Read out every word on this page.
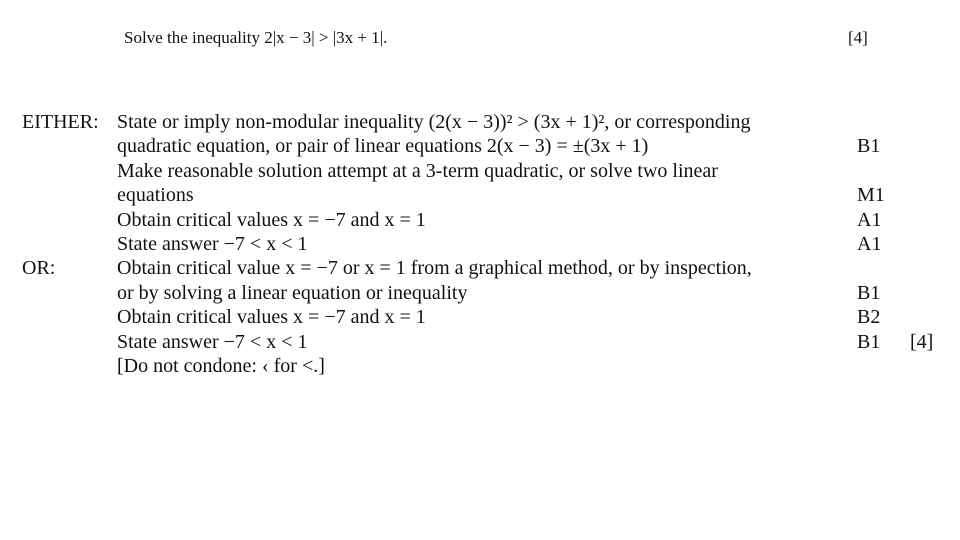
Solve the inequality 2|x − 3| > |3x + 1|.	[4]
EITHER: State or imply non-modular inequality (2(x − 3))² > (3x + 1)², or corresponding
quadratic equation, or pair of linear equations 2(x − 3) = ±(3x + 1)	B1
Make reasonable solution attempt at a 3-term quadratic, or solve two linear
equations	M1
Obtain critical values x = −7 and x = 1	A1
State answer −7 < x < 1	A1
OR:	Obtain critical value x = −7 or x = 1 from a graphical method, or by inspection,
or by solving a linear equation or inequality	B1
Obtain critical values x = −7 and x = 1	B2
State answer −7 < x < 1	B1 [4]
[Do not condone: ‹ for <.]
